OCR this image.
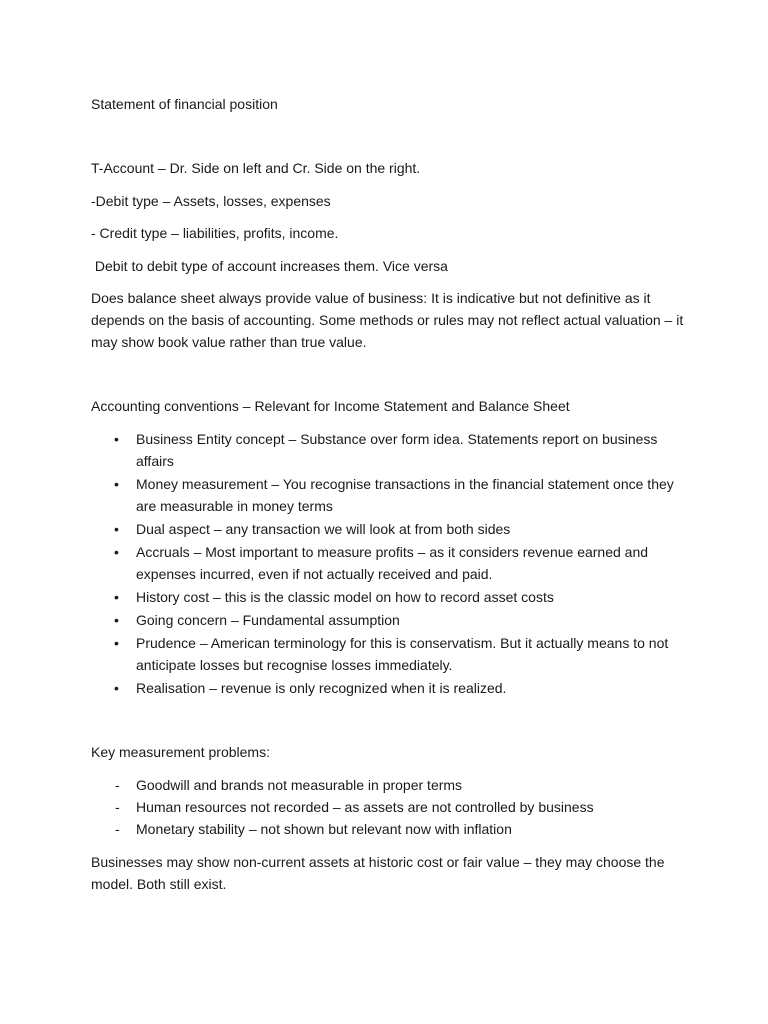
Statement of financial position

T-Account – Dr. Side on left and Cr. Side on the right.

-Debit type – Assets, losses, expenses

- Credit type – liabilities, profits, income.

Debit to debit type of account increases them. Vice versa

Does balance sheet always provide value of business: It is indicative but not definitive as it depends on the basis of accounting. Some methods or rules may not reflect actual valuation – it may show book value rather than true value.

Accounting conventions – Relevant for Income Statement and Balance Sheet

• Business Entity concept – Substance over form idea. Statements report on business affairs
• Money measurement – You recognise transactions in the financial statement once they are measurable in money terms
• Dual aspect – any transaction we will look at from both sides
• Accruals – Most important to measure profits – as it considers revenue earned and expenses incurred, even if not actually received and paid.
• History cost – this is the classic model on how to record asset costs
• Going concern – Fundamental assumption
• Prudence – American terminology for this is conservatism. But it actually means to not anticipate losses but recognise losses immediately.
• Realisation – revenue is only recognized when it is realized.

Key measurement problems:

- Goodwill and brands not measurable in proper terms
- Human resources not recorded – as assets are not controlled by business
- Monetary stability – not shown but relevant now with inflation

Businesses may show non-current assets at historic cost or fair value – they may choose the model. Both still exist.
